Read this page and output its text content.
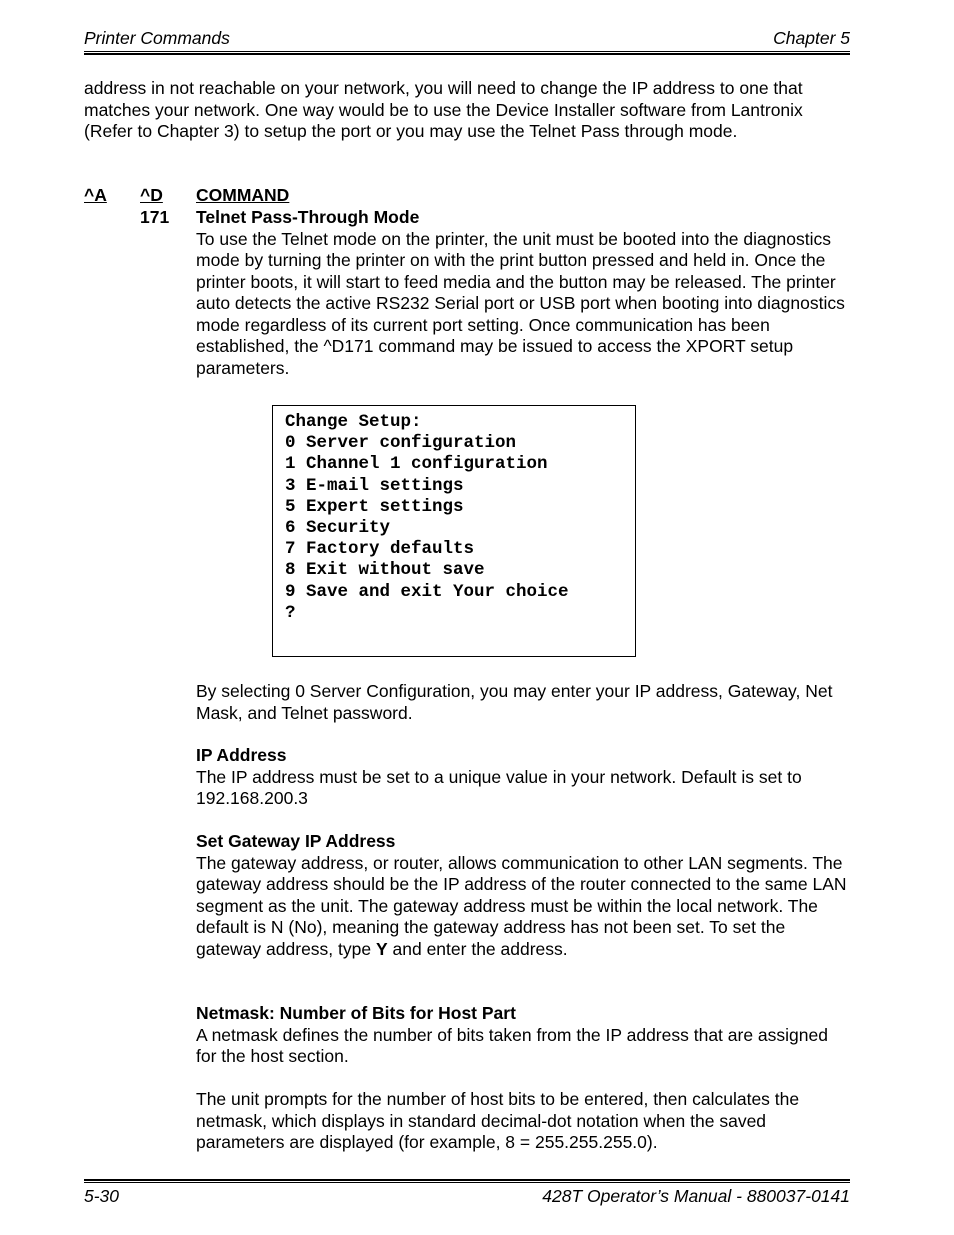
Printer Commands	Chapter 5

address in not reachable on your network, you will need to change the IP address to one that matches your network. One way would be to use the Device Installer software from Lantronix (Refer to Chapter 3) to setup the port or you may use the Telnet Pass through mode.

^A ^D COMMAND
171 Telnet Pass-Through Mode

To use the Telnet mode on the printer, the unit must be booted into the diagnostics mode by turning the printer on with the print button pressed and held in. Once the printer boots, it will start to feed media and the button may be released. The printer auto detects the active RS232 Serial port or USB port when booting into diagnostics mode regardless of its current port setting. Once communication has been established, the ^D171 command may be issued to access the XPORT setup parameters.

Change Setup:
0 Server configuration
1 Channel 1 configuration
3 E-mail settings
5 Expert settings
6 Security
7 Factory defaults
8 Exit without save
9 Save and exit Your choice
?

By selecting 0 Server Configuration, you may enter your IP address, Gateway, Net Mask, and Telnet password.

IP Address

The IP address must be set to a unique value in your network. Default is set to 192.168.200.3

Set Gateway IP Address

The gateway address, or router, allows communication to other LAN segments. The gateway address should be the IP address of the router connected to the same LAN segment as the unit. The gateway address must be within the local network. The default is N (No), meaning the gateway address has not been set. To set the gateway address, type Y and enter the address.

Netmask: Number of Bits for Host Part

A netmask defines the number of bits taken from the IP address that are assigned for the host section.

The unit prompts for the number of host bits to be entered, then calculates the netmask, which displays in standard decimal-dot notation when the saved parameters are displayed (for example, 8 = 255.255.255.0).

5-30	428T Operator’s Manual - 880037-0141
